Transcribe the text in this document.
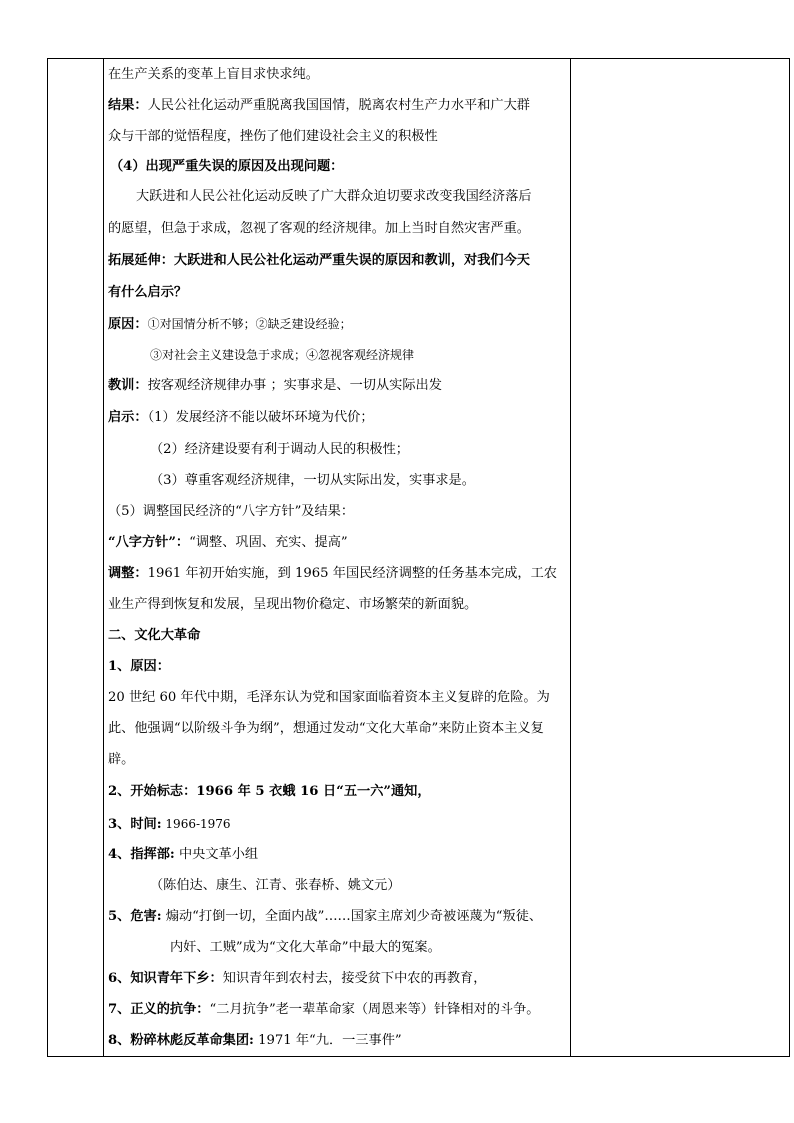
在生产关系的变革上盲目求快求纯。
结果：人民公社化运动严重脱离我国国情，脱离农村生产力水平和广大群
众与干部的觉悟程度，挫伤了他们建设社会主义的积极性
（4）出现严重失误的原因及出现问题：
大跃进和人民公社化运动反映了广大群众迫切要求改变我国经济落后
的愿望，但急于求成，忽视了客观的经济规律。加上当时自然灾害严重。
拓展延伸：大跃进和人民公社化运动严重失误的原因和教训，对我们今天
有什么启示？
原因：①对国情分析不够；②缺乏建设经验；
③对社会主义建设急于求成；④忽视客观经济规律
教训：按客观经济规律办事 ；实事求是、一切从实际出发
启示：（1）发展经济不能以破坏环境为代价；
（2）经济建设要有利于调动人民的积极性；
（3）尊重客观经济规律，一切从实际出发，实事求是。
（5）调整国民经济的“八字方针”及结果：
“八字方针”：“调整、巩固、充实、提高”
调整：1961 年初开始实施，到 1965 年国民经济调整的任务基本完成，工农
业生产得到恢复和发展，呈现出物价稳定、市场繁荣的新面貌。
二、文化大革命
1、原因：
20 世纪 60 年代中期，毛泽东认为党和国家面临着资本主义复辟的危险。为
此、他强调“以阶级斗争为纲”，想通过发动“文化大革命”来防止资本主义复
辟。
2、开始标志：1966 年 5 衣蛾 16 日“五一六”通知，
3、时间: 1966-1976
4、指挥部: 中央文革小组
（陈伯达、康生、江青、张春桥、姚文元）
5、危害: 煽动“打倒一切，全面内战”……国家主席刘少奇被诬蔑为“叛徒、
内奸、工贼”成为“文化大革命”中最大的冤案。
6、知识青年下乡：知识青年到农村去，接受贫下中农的再教育，
7、正义的抗争：“二月抗争”老一辈革命家（周恩来等）针锋相对的斗争。
8、粉碎林彪反革命集团: 1971 年“九．一三事件”
